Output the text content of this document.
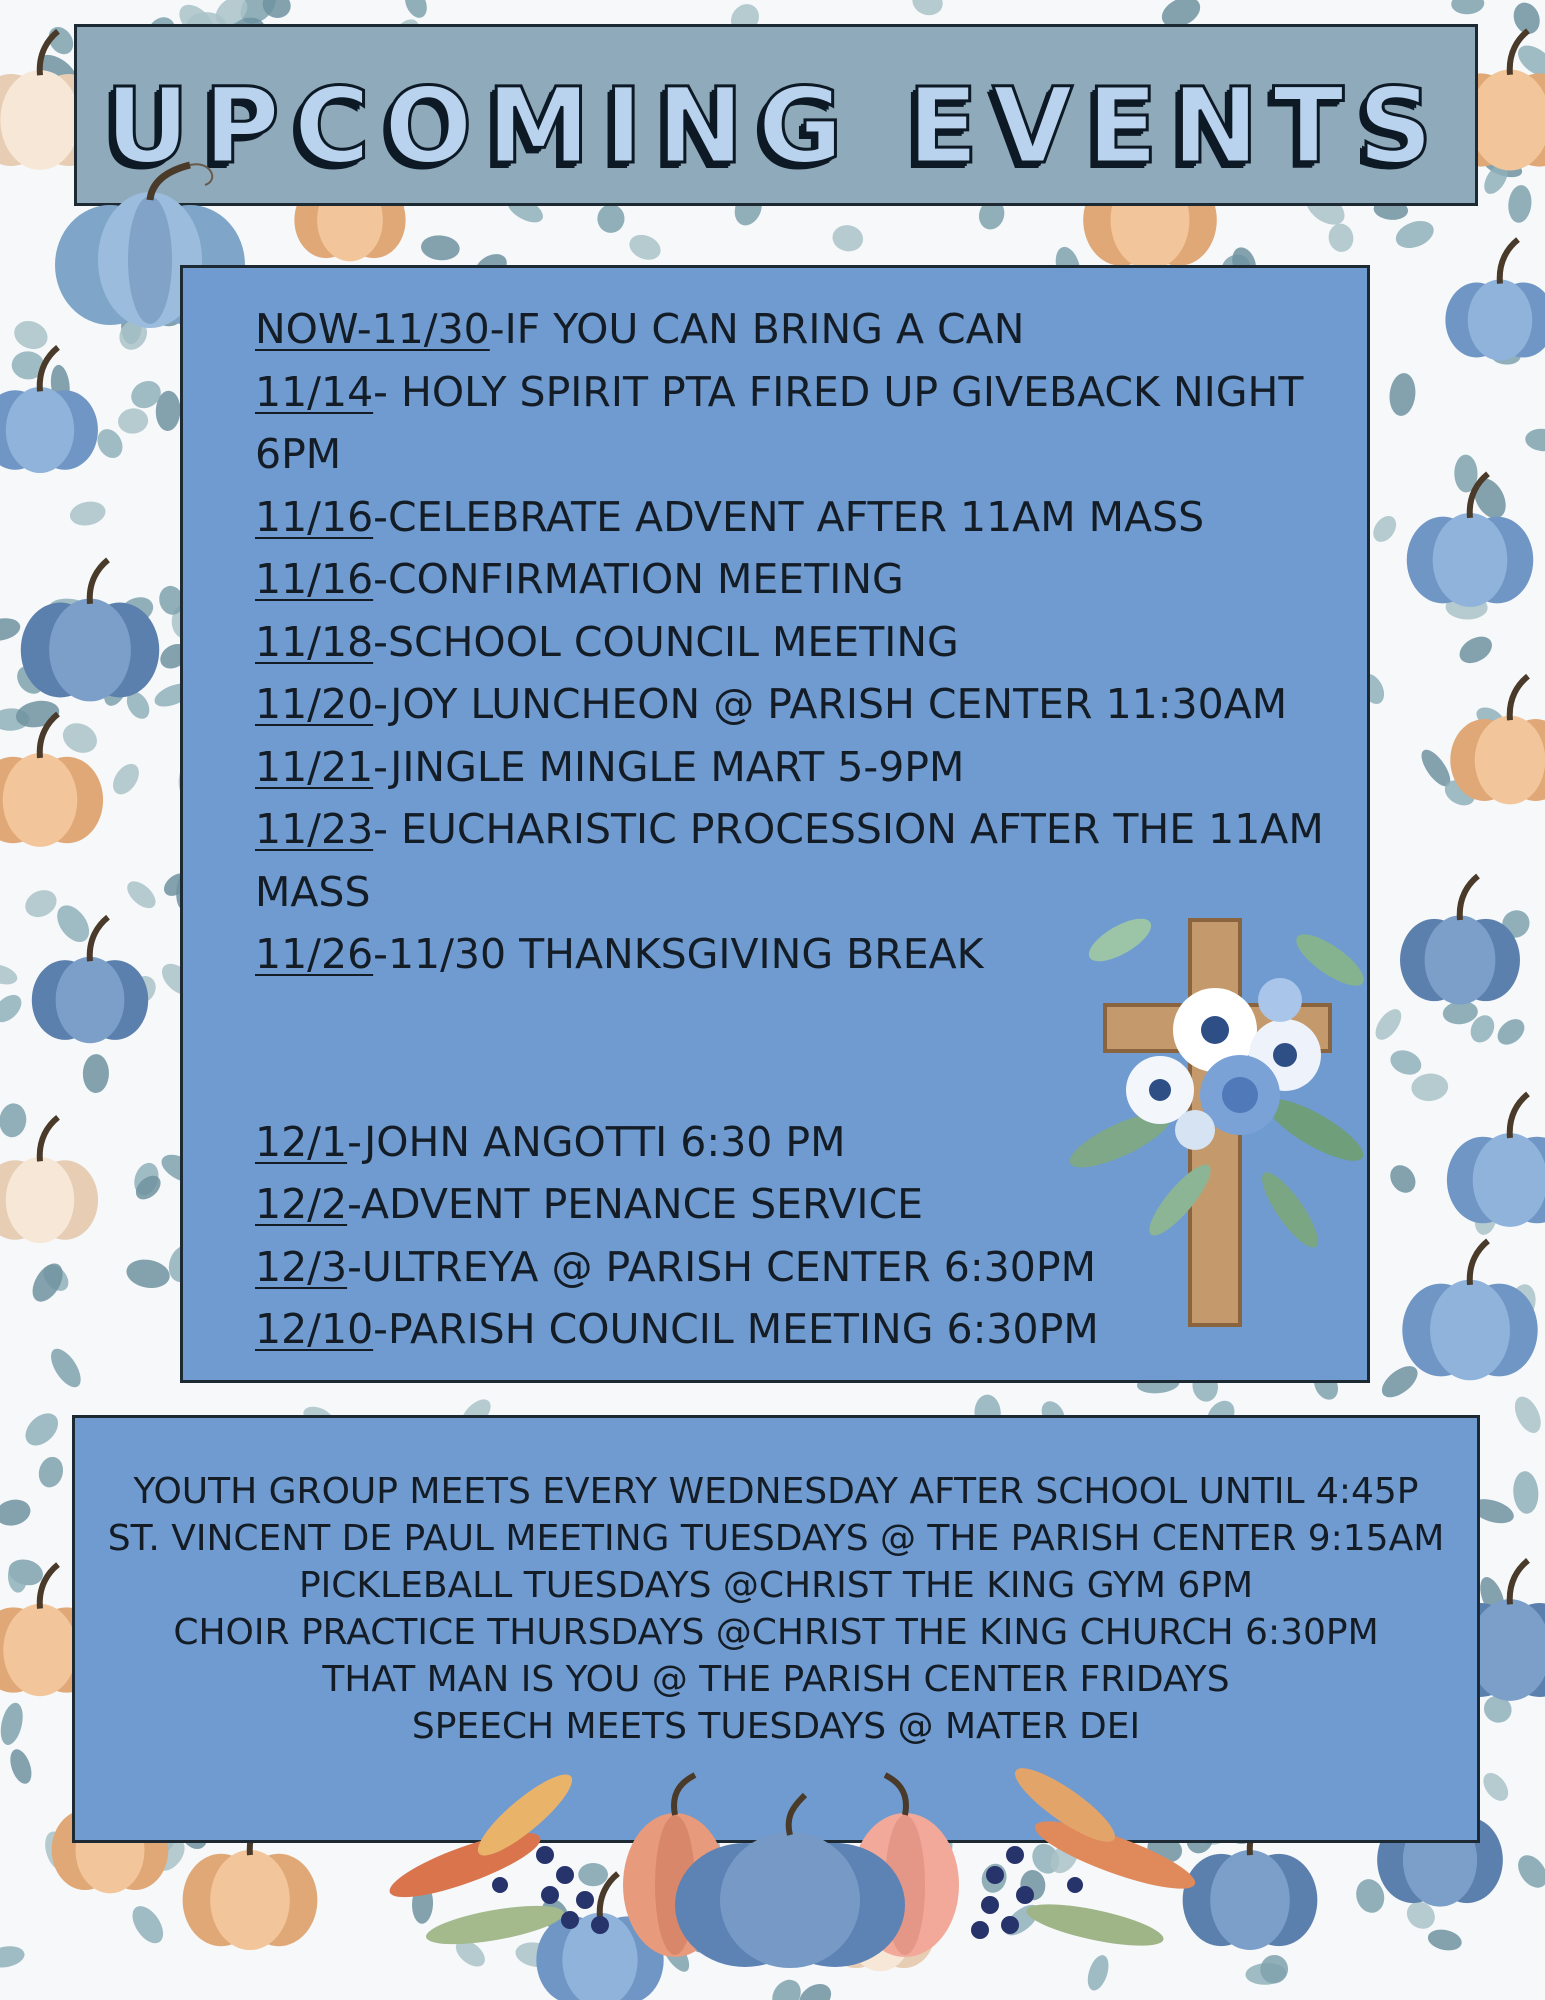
UPCOMING EVENTS
NOW-11/30-IF YOU CAN BRING A CAN
11/14- HOLY SPIRIT PTA FIRED UP GIVEBACK NIGHT 6PM
11/16-CELEBRATE ADVENT AFTER 11AM MASS
11/16-CONFIRMATION MEETING
11/18-SCHOOL COUNCIL MEETING
11/20-JOY LUNCHEON @ PARISH CENTER 11:30AM
11/21-JINGLE MINGLE MART 5-9PM
11/23- EUCHARISTIC PROCESSION AFTER THE 11AM MASS
11/26-11/30 THANKSGIVING BREAK
12/1-JOHN ANGOTTI 6:30 PM
12/2-ADVENT PENANCE SERVICE
12/3-ULTREYA @ PARISH CENTER 6:30PM
12/10-PARISH COUNCIL MEETING 6:30PM
YOUTH GROUP MEETS EVERY WEDNESDAY AFTER SCHOOL UNTIL 4:45P
ST. VINCENT DE PAUL MEETING TUESDAYS @ THE PARISH CENTER 9:15AM
PICKLEBALL TUESDAYS @CHRIST THE KING GYM 6PM
CHOIR PRACTICE THURSDAYS @CHRIST THE KING CHURCH 6:30PM
THAT MAN IS YOU @ THE PARISH CENTER FRIDAYS
SPEECH MEETS TUESDAYS @ MATER DEI
